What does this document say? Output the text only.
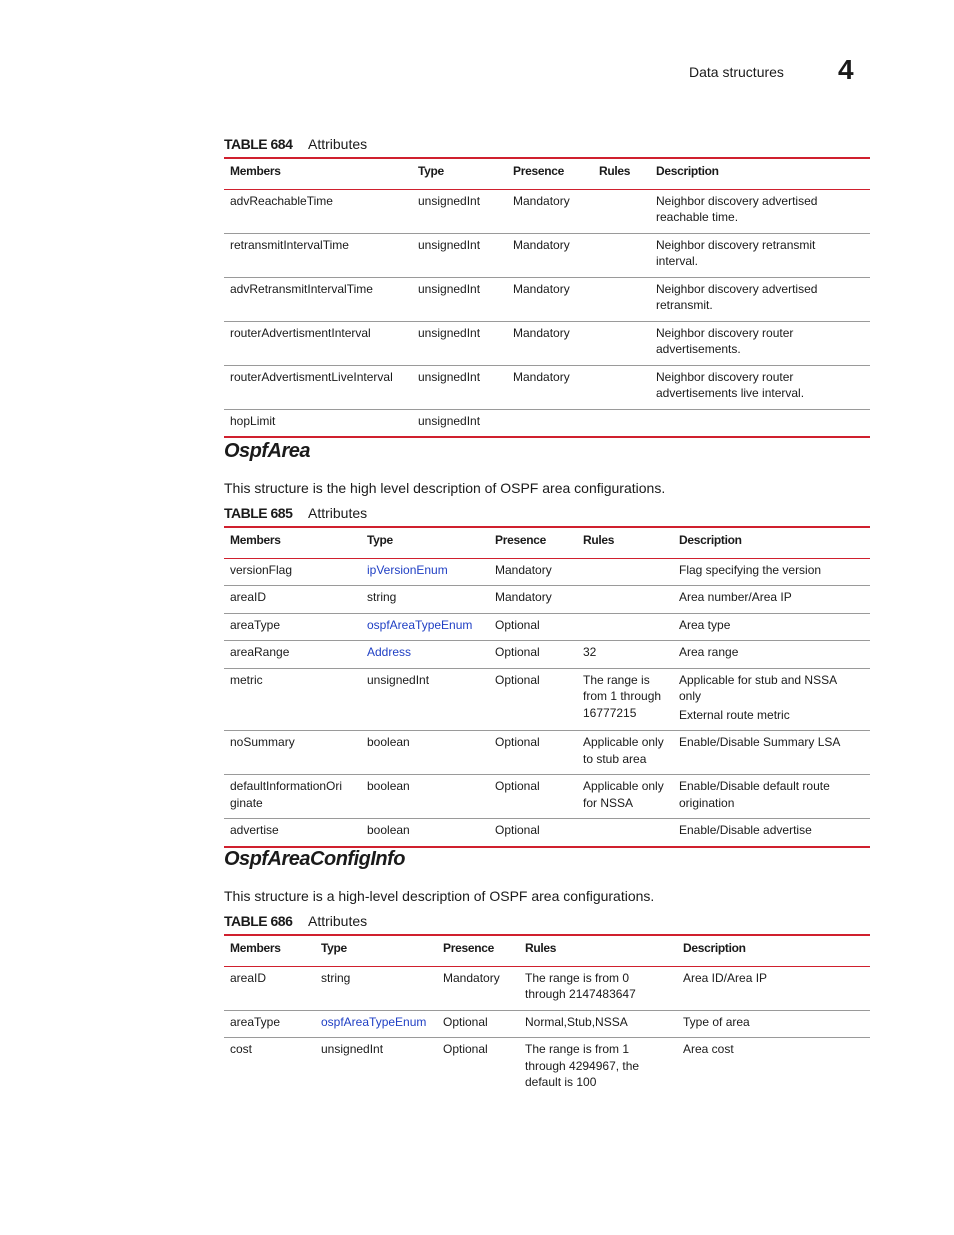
Data structures 4
TABLE 684	Attributes
Members	Type	Presence	Rules	Description
advReachableTime	unsignedInt	Mandatory		Neighbor discovery advertised
reachable time.

retransmitIntervalTime	unsignedInt	Mandatory		Neighbor discovery retransmit
interval.

advRetransmitIntervalTime	unsignedInt	Mandatory		Neighbor discovery advertised
retransmit.

routerAdvertismentInterval	unsignedInt	Mandatory		Neighbor discovery router
advertisements.

routerAdvertismentLiveInterval	unsignedInt	Mandatory		Neighbor discovery router
advertisements live interval.

hopLimit	unsignedInt			
OspfArea
This structure is the high level description of OSPF area configurations.
TABLE 685	Attributes
Members	Type	Presence	Rules	Description
versionFlag	ipVersionEnum	Mandatory		Flag specifying the version
areaID	string	Mandatory		Area number/Area IP
areaType	ospfAreaTypeEnum	Optional		Area type
areaRange	Address	Optional	32	Area range
metric	unsignedInt	Optional	The range is
from 1 through
16777215	Applicable for stub and NSSA
only
External route metric

noSummary	boolean	Optional	Applicable only
to stub area	Enable/Disable Summary LSA

defaultInformationOri
ginate	boolean	Optional	Applicable only
for NSSA	Enable/Disable default route
origination

advertise	boolean	Optional		Enable/Disable advertise
OspfAreaConfigInfo
This structure is a high-level description of OSPF area configurations.
TABLE 686	Attributes
Members	Type	Presence	Rules	Description
areaID	string	Mandatory	The range is from 0
through 2147483647	Area ID/Area IP
areaType	ospfAreaTypeEnum	Optional	Normal,Stub,NSSA	Type of area
cost	unsignedInt	Optional	The range is from 1
through 4294967, the
default is 100	Area cost
